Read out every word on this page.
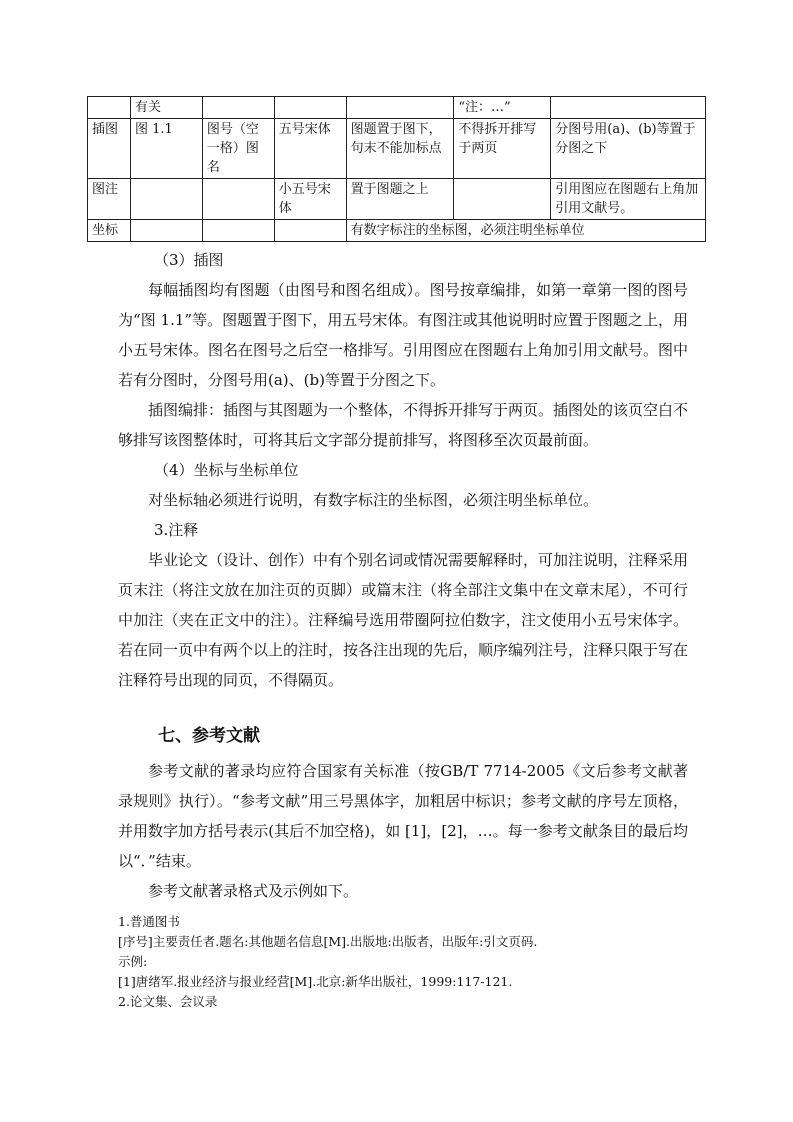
	有关				“注：…”	
插图	图 1.1	图号（空一格）图名	五号宋体	图题置于图下，句末不能加标点	不得拆开排写于两页	分图号用(a)、(b)等置于分图之下
图注			小五号宋体	置于图题之上		引用图应在图题右上角加引用文献号。
坐标				有数字标注的坐标图，必须注明坐标单位		
（3）插图

每幅插图均有图题（由图号和图名组成）。图号按章编排，如第一章第一图的图号为“图 1.1”等。图题置于图下，用五号宋体。有图注或其他说明时应置于图题之上，用小五号宋体。图名在图号之后空一格排写。引用图应在图题右上角加引用文献号。图中若有分图时，分图号用(a)、(b)等置于分图之下。

插图编排：插图与其图题为一个整体，不得拆开排写于两页。插图处的该页空白不够排写该图整体时，可将其后文字部分提前排写，将图移至次页最前面。

（4）坐标与坐标单位

对坐标轴必须进行说明，有数字标注的坐标图，必须注明坐标单位。

3.注释

毕业论文（设计、创作）中有个别名词或情况需要解释时，可加注说明，注释采用页末注（将注文放在加注页的页脚）或篇末注（将全部注文集中在文章末尾），不可行中加注（夹在正文中的注）。注释编号选用带圈阿拉伯数字，注文使用小五号宋体字。若在同一页中有两个以上的注时，按各注出现的先后，顺序编列注号，注释只限于写在注释符号出现的同页，不得隔页。

七、参考文献

参考文献的著录均应符合国家有关标准（按GB/T 7714-2005《文后参考文献著录规则》执行）。“参考文献”用三号黑体字，加粗居中标识；参考文献的序号左顶格，并用数字加方括号表示(其后不加空格)，如 [1]，[2]，…。每一参考文献条目的最后均以“．”结束。

参考文献著录格式及示例如下。

1.普通图书
[序号]主要责任者.题名:其他题名信息[M].出版地:出版者，出版年:引文页码.
示例:
[1]唐绪军.报业经济与报业经营[M].北京:新华出版社，1999:117-121.
2.论文集、会议录
